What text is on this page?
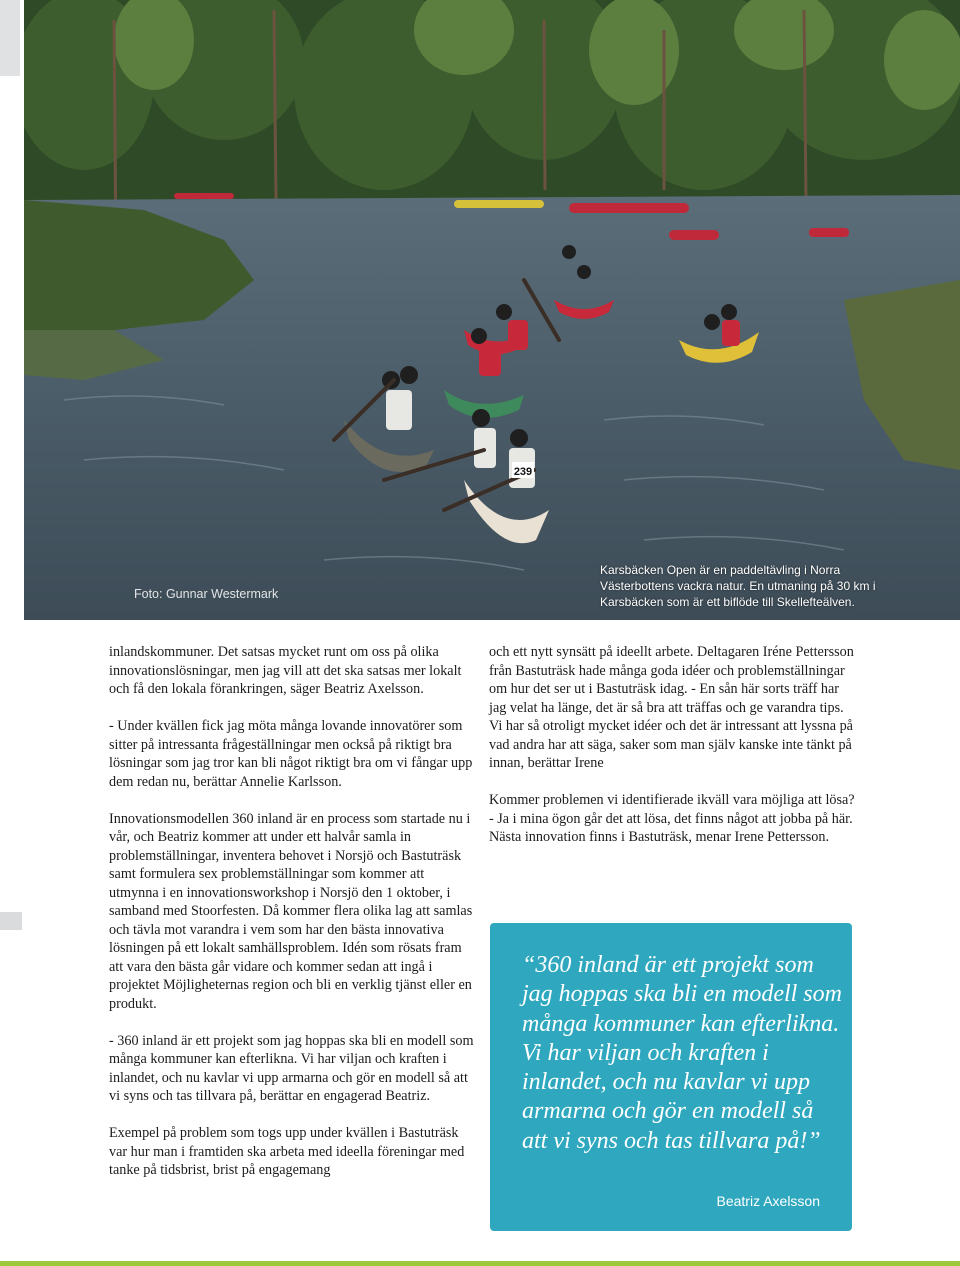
239
Foto: Gunnar Westermark
Karsbäcken Open är en paddeltävling i Norra Västerbottens vackra natur. En utmaning på 30 km i Karsbäcken som är ett biflöde till Skellefteälven.

inlandskommuner. Det satsas mycket runt om oss på olika innovationslösningar, men jag vill att det ska satsas mer lokalt och få den lokala förankringen, säger Beatriz Axelsson.

- Under kvällen fick jag möta många lovande innovatörer som sitter på intressanta frågeställningar men också på riktigt bra lösningar som jag tror kan bli något riktigt bra om vi fångar upp dem redan nu, berättar Annelie Karlsson.

Innovationsmodellen 360 inland är en process som startade nu i vår, och Beatriz kommer att under ett halvår samla in problemställningar, inventera behovet i Norsjö och Bastuträsk samt formulera sex problemställningar som kommer att utmynna i en innovationsworkshop i Norsjö den 1 oktober, i samband med Stoorfesten. Då kommer flera olika lag att samlas och tävla mot varandra i vem som har den bästa innovativa lösningen på ett lokalt samhällsproblem. Idén som rösats fram att vara den bästa går vidare och kommer sedan att ingå i projektet Möjligheternas region och bli en verklig tjänst eller en produkt.

- 360 inland är ett projekt som jag hoppas ska bli en modell som många kommuner kan efterlikna. Vi har viljan och kraften i inlandet, och nu kavlar vi upp armarna och gör en modell så att vi syns och tas tillvara på, berättar en engagerad Beatriz.

Exempel på problem som togs upp under kvällen i Bastuträsk var hur man i framtiden ska arbeta med ideella föreningar med tanke på tidsbrist, brist på engagemang

och ett nytt synsätt på ideellt arbete. Deltagaren Iréne Pettersson från Bastuträsk hade många goda idéer och problemställningar om hur det ser ut i Bastuträsk idag. - En sån här sorts träff har jag velat ha länge, det är så bra att träffas och ge varandra tips. Vi har så otroligt mycket idéer och det är intressant att lyssna på vad andra har att säga, saker som man själv kanske inte tänkt på innan, berättar Irene

Kommer problemen vi identifierade ikväll vara möjliga att lösa? - Ja i mina ögon går det att lösa, det finns något att jobba på här. Nästa innovation finns i Bastuträsk, menar Irene Pettersson.

“360 inland är ett projekt som jag hoppas ska bli en modell som många kommuner kan efterlikna. Vi har viljan och kraften i inlandet, och nu kavlar vi upp armarna och gör en modell så att vi syns och tas tillvara på!”
Beatriz Axelsson
